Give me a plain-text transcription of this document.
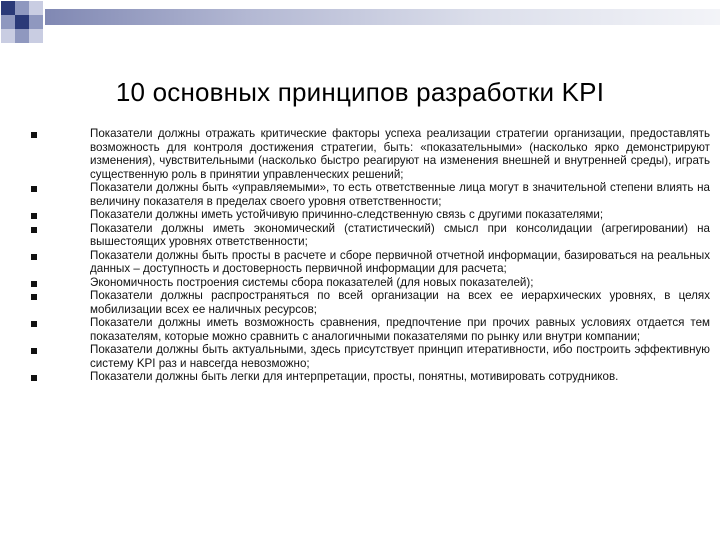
10 основных принципов разработки KPI
Показатели должны отражать критические факторы успеха реализации стратегии организации, предоставлять возможность для контроля достижения стратегии, быть: «показательными» (насколько ярко демонстрируют изменения), чувствительными (насколько быстро реагируют на изменения внешней и внутренней среды), играть существенную роль в принятии управленческих решений;
Показатели должны быть «управляемыми», то есть ответственные лица могут в значительной степени влиять на величину показателя в пределах своего уровня ответственности;
Показатели должны иметь устойчивую причинно-следственную связь с другими показателями;
Показатели должны иметь экономический (статистический) смысл при консолидации (агрегировании) на вышестоящих уровнях ответственности;
Показатели должны быть просты в расчете и сборе первичной отчетной информации, базироваться на реальных данных – доступность и достоверность первичной информации для расчета;
Экономичность построения системы сбора показателей (для новых показателей);
Показатели должны распространяться по всей организации на всех ее иерархических уровнях, в целях мобилизации всех ее наличных ресурсов;
Показатели должны иметь возможность сравнения, предпочтение при прочих равных условиях отдается тем показателям, которые можно сравнить с аналогичными показателями по рынку или внутри компании;
Показатели должны быть актуальными, здесь присутствует принцип итеративности, ибо построить эффективную систему KPI раз и навсегда невозможно;
Показатели должны быть легки для интерпретации, просты, понятны, мотивировать сотрудников.
